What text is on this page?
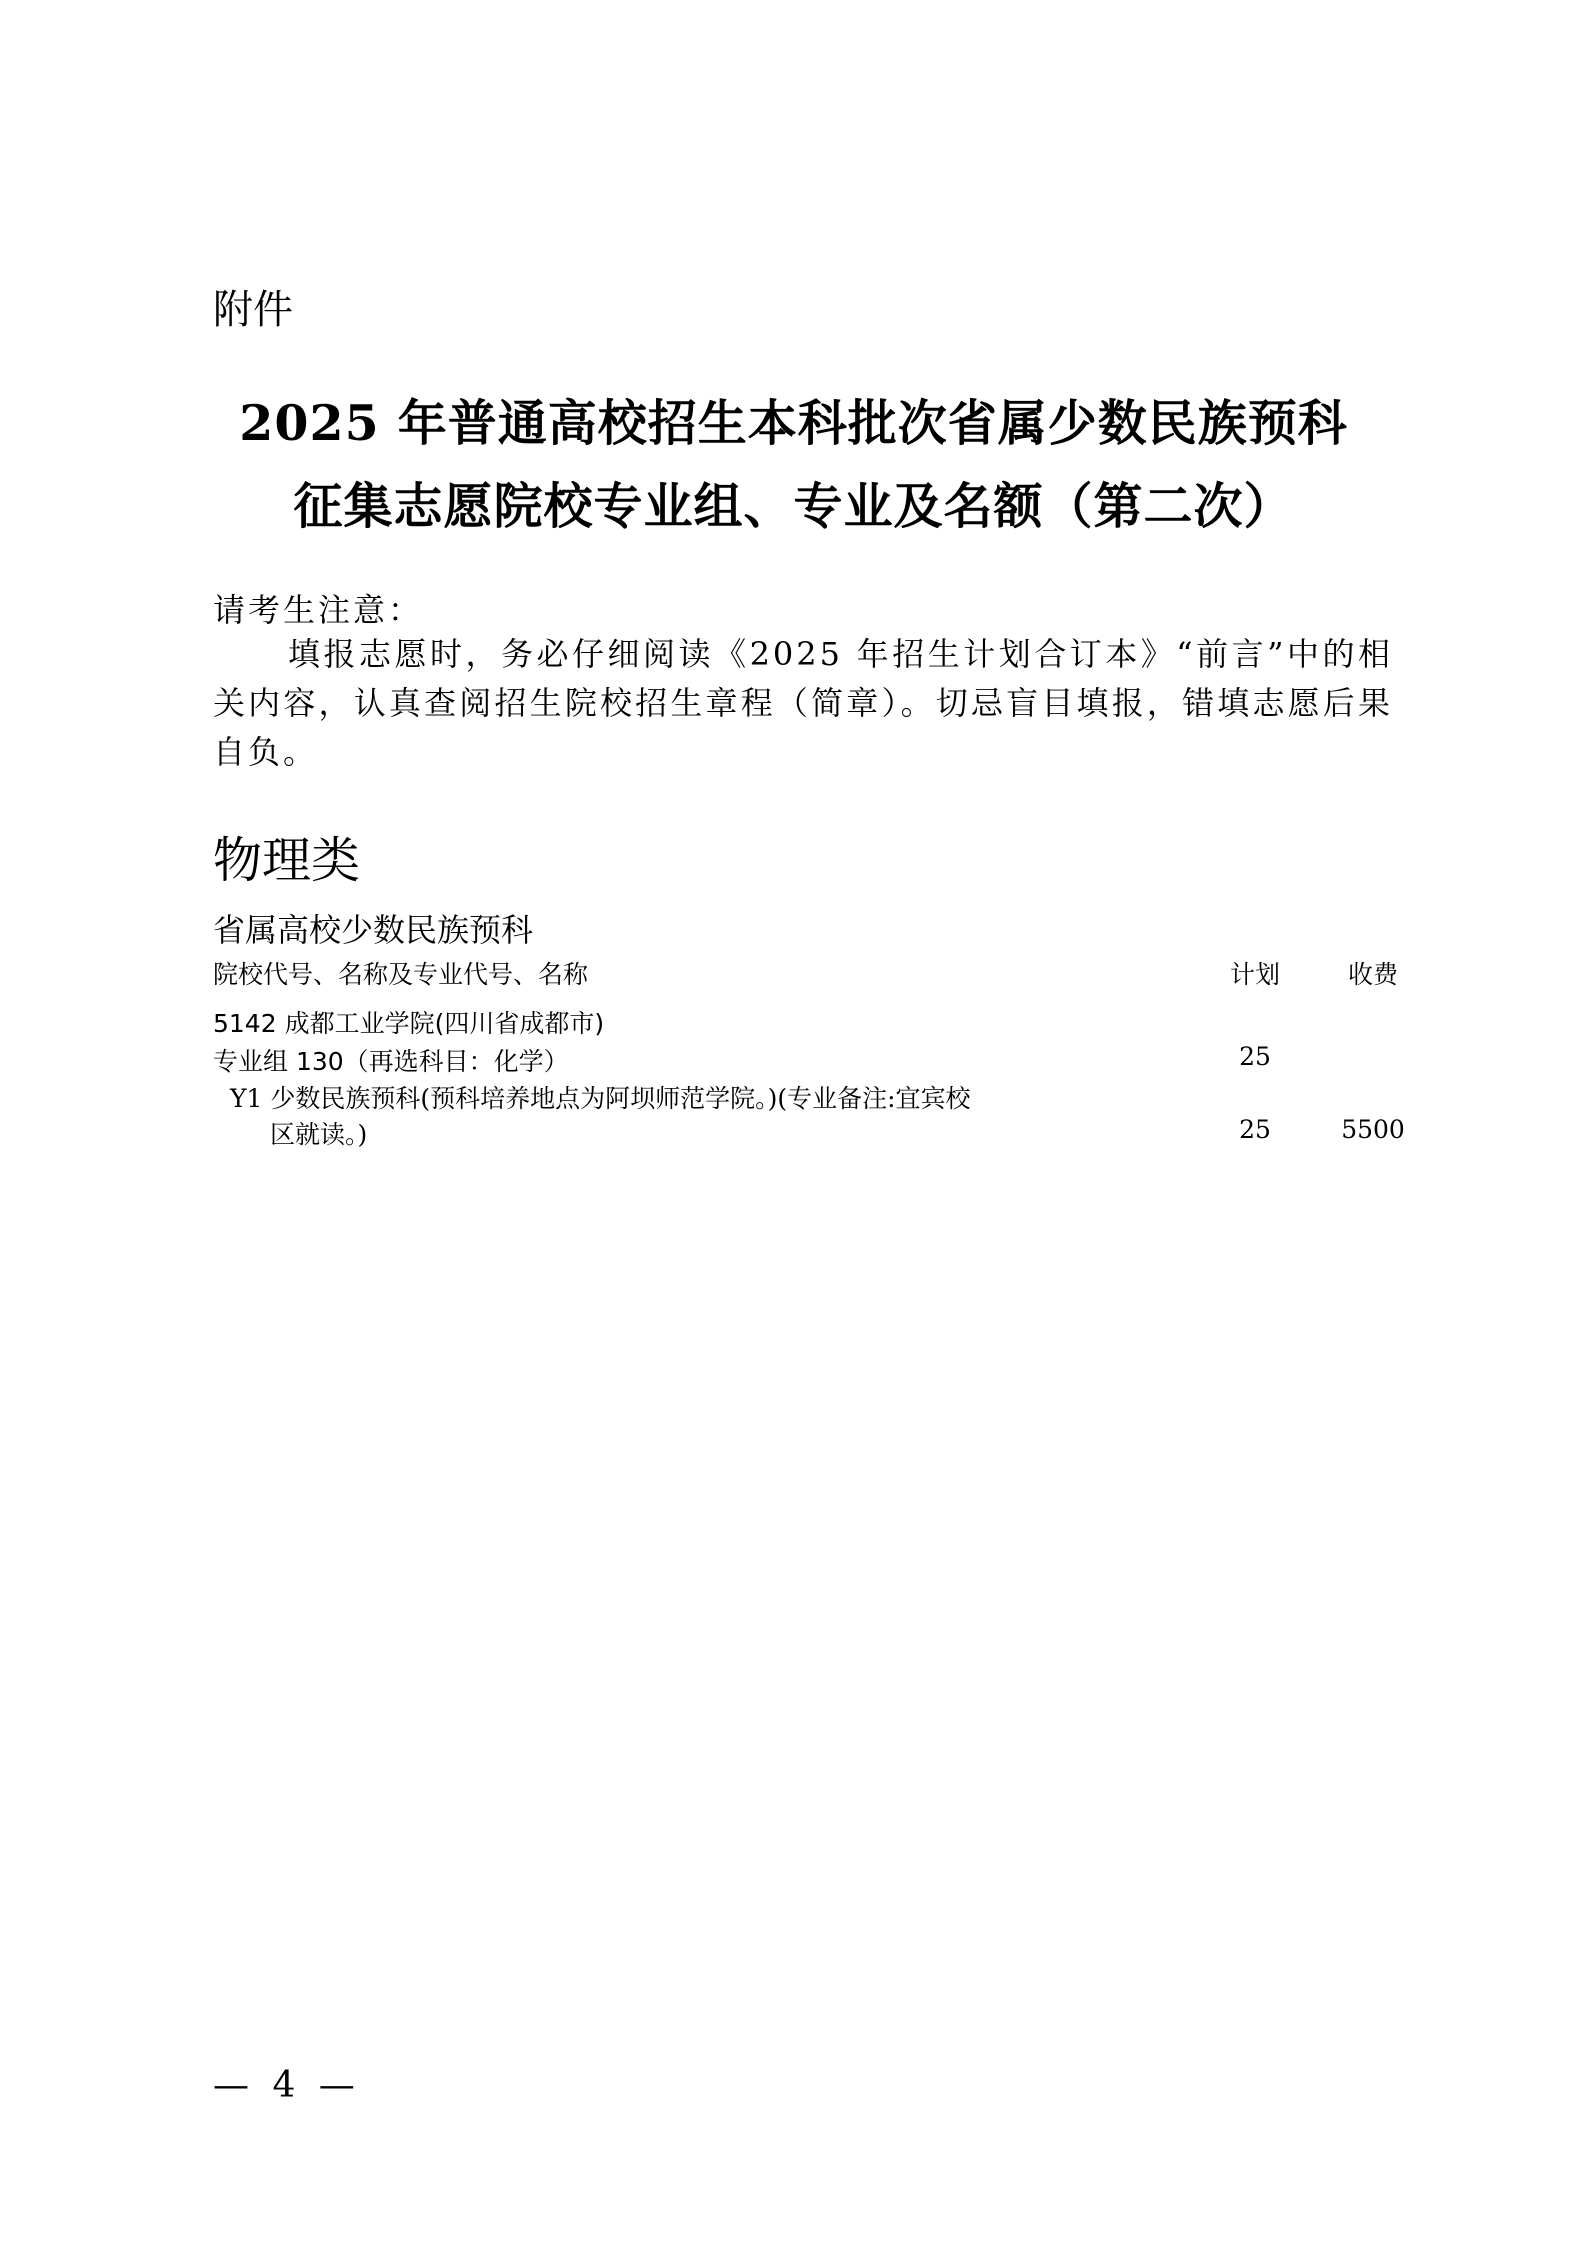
附件
2025 年普通高校招生本科批次省属少数民族预科
征集志愿院校专业组、专业及名额（第二次）
请考生注意：
填报志愿时，务必仔细阅读《2025 年招生计划合订本》“前言”中的相关内容，认真查阅招生院校招生章程（简章）。切忌盲目填报，错填志愿后果自负。
物理类
省属高校少数民族预科
院校代号、名称及专业代号、名称	计划	收费
5142 成都工业学院(四川省成都市)
专业组 130（再选科目：化学）	25
Y1 少数民族预科(预科培养地点为阿坝师范学院。)(专业备注:宜宾校
区就读。)	25	5500
— 4 —
